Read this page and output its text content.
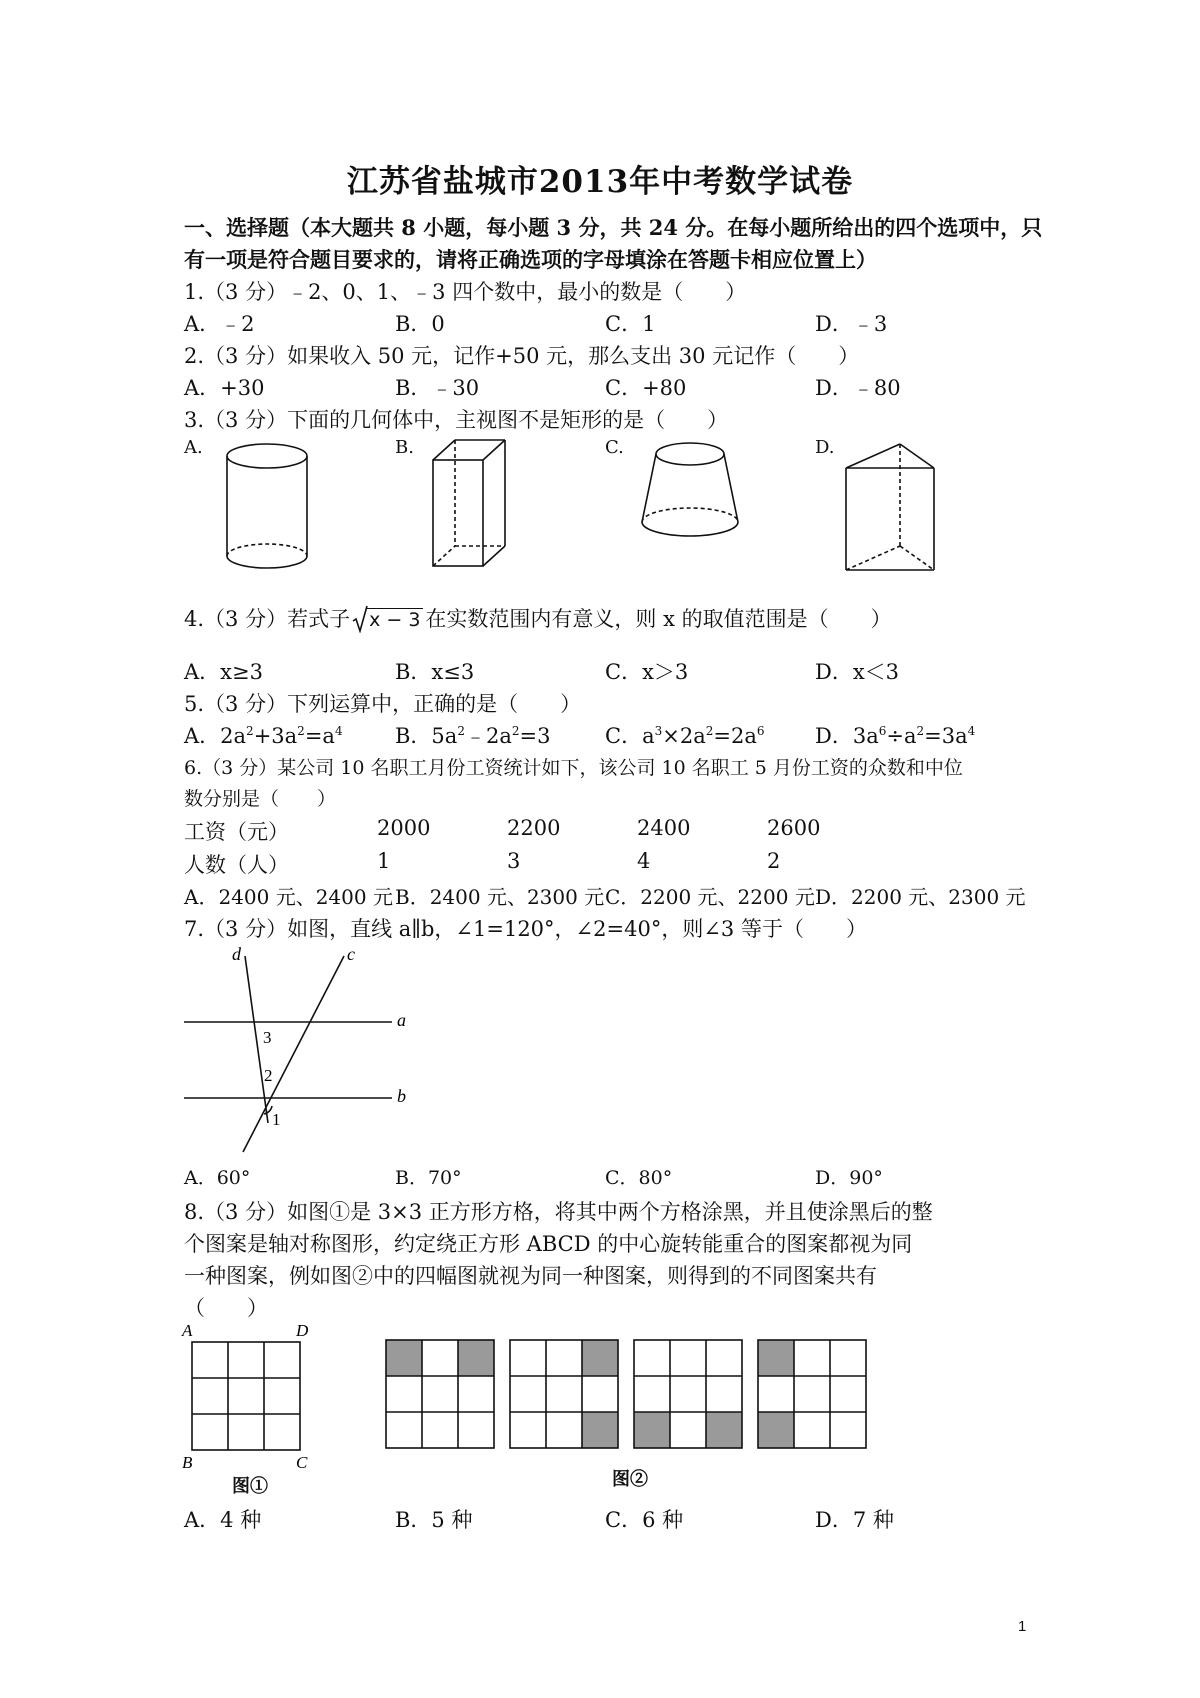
江苏省盐城市2013年中考数学试卷
一、选择题（本大题共 8 小题，每小题 3 分，共 24 分。在每小题所给出的四个选项中，只
有一项是符合题目要求的，请将正确选项的字母填涂在答题卡相应位置上）
1.（3 分）﹣2、0、1、﹣3 四个数中，最小的数是（　　）
A．﹣2	B．0	C．1	D．﹣3
2.（3 分）如果收入 50 元，记作+50 元，那么支出 30 元记作（　　）
A．+30	B．﹣30	C．+80	D．﹣80
3.（3 分）下面的几何体中，主视图不是矩形的是（　　）
A.	B.	C.	D.
4.（3 分）若式子 x − 3 在实数范围内有意义，则 x 的取值范围是（　　）
A．x≥3	B．x≤3	C．x＞3	D．x＜3
5.（3 分）下列运算中，正确的是（　　）
A．$2a^2+3a^2=a^4$ B．$5a^2﹣2a^2=3$	C．$a^3\times 2a^2=2a^6$ D．$3a^6\div a^2=3a^4$
6.（3 分）某公司 10 名职工月份工资统计如下，该公司 10 名职工 5 月份工资的众数和中位
数分别是（　　）
工资（元）	2000	2200	2400	2600
人数（人）	1	3	4	2
A．2400 元、2400 元 B．2400 元、2300 元 C．2200 元、2200 元 D．2200 元、2300 元
7.（3 分）如图，直线 a∥b，∠1=120°，∠2=40°，则∠3 等于（　　）
d	c
a
b
3
2
1
A．60°	B．70°	C．80°	D．90°
8.（3 分）如图①是 3×3 正方形方格，将其中两个方格涂黑，并且使涂黑后的整
个图案是轴对称图形，约定绕正方形 ABCD 的中心旋转能重合的图案都视为同
一种图案，例如图②中的四幅图就视为同一种图案，则得到的不同图案共有
（　　）
A	D
B	C
图①	图②
A．4 种	B．5 种	C．6 种	D．7 种
1
